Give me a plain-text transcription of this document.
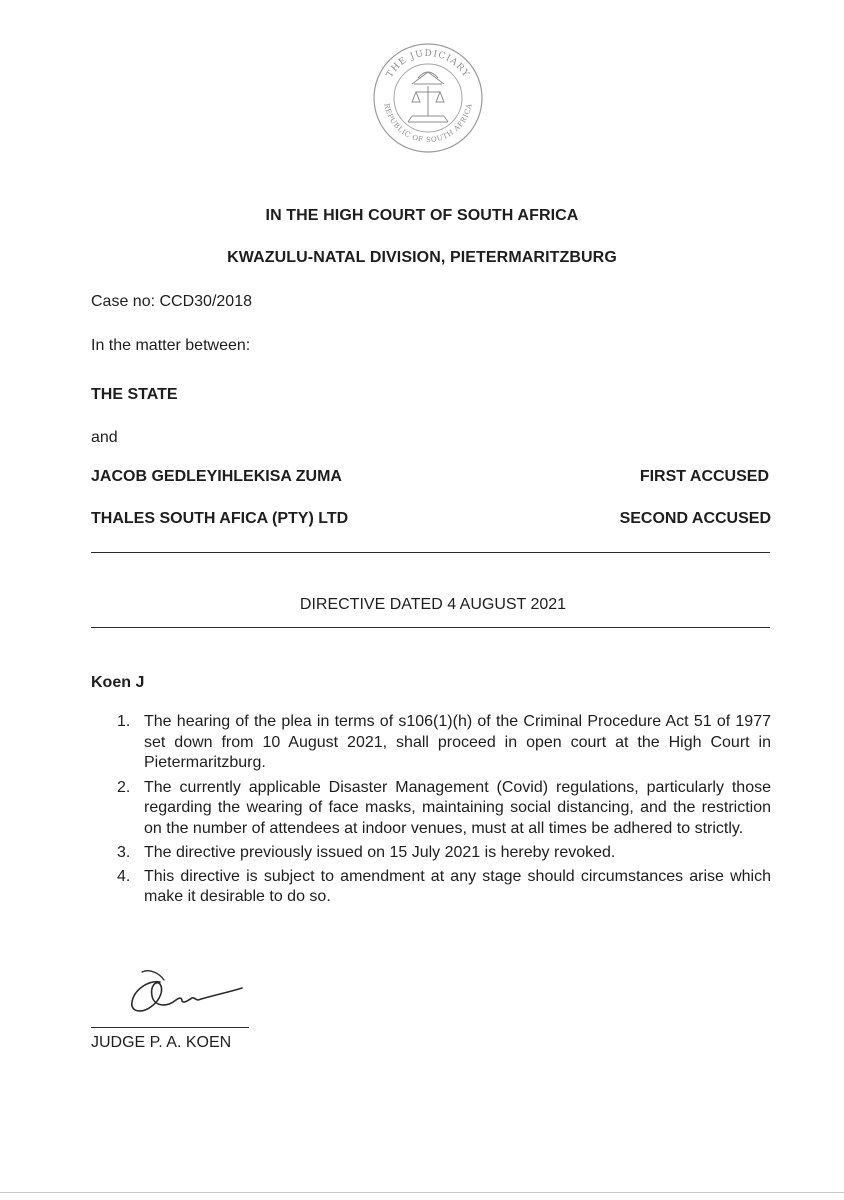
THE JUDICIARY
REPUBLIC OF SOUTH AFRICA
IN THE HIGH COURT OF SOUTH AFRICA
KWAZULU-NATAL DIVISION, PIETERMARITZBURG
Case no: CCD30/2018
In the matter between:
THE STATE
and
JACOB GEDLEYIHLEKISA ZUMA	FIRST ACCUSED
THALES SOUTH AFICA (PTY) LTD	SECOND ACCUSED
DIRECTIVE DATED 4 AUGUST 2021
Koen J
1. The hearing of the plea in terms of s106(1)(h) of the Criminal Procedure Act 51 of 1977 set down from 10 August 2021, shall proceed in open court at the High Court in Pietermaritzburg.
2. The currently applicable Disaster Management (Covid) regulations, particularly those regarding the wearing of face masks, maintaining social distancing, and the restriction on the number of attendees at indoor venues, must at all times be adhered to strictly.
3. The directive previously issued on 15 July 2021 is hereby revoked.
4. This directive is subject to amendment at any stage should circumstances arise which make it desirable to do so.
JUDGE P. A. KOEN
